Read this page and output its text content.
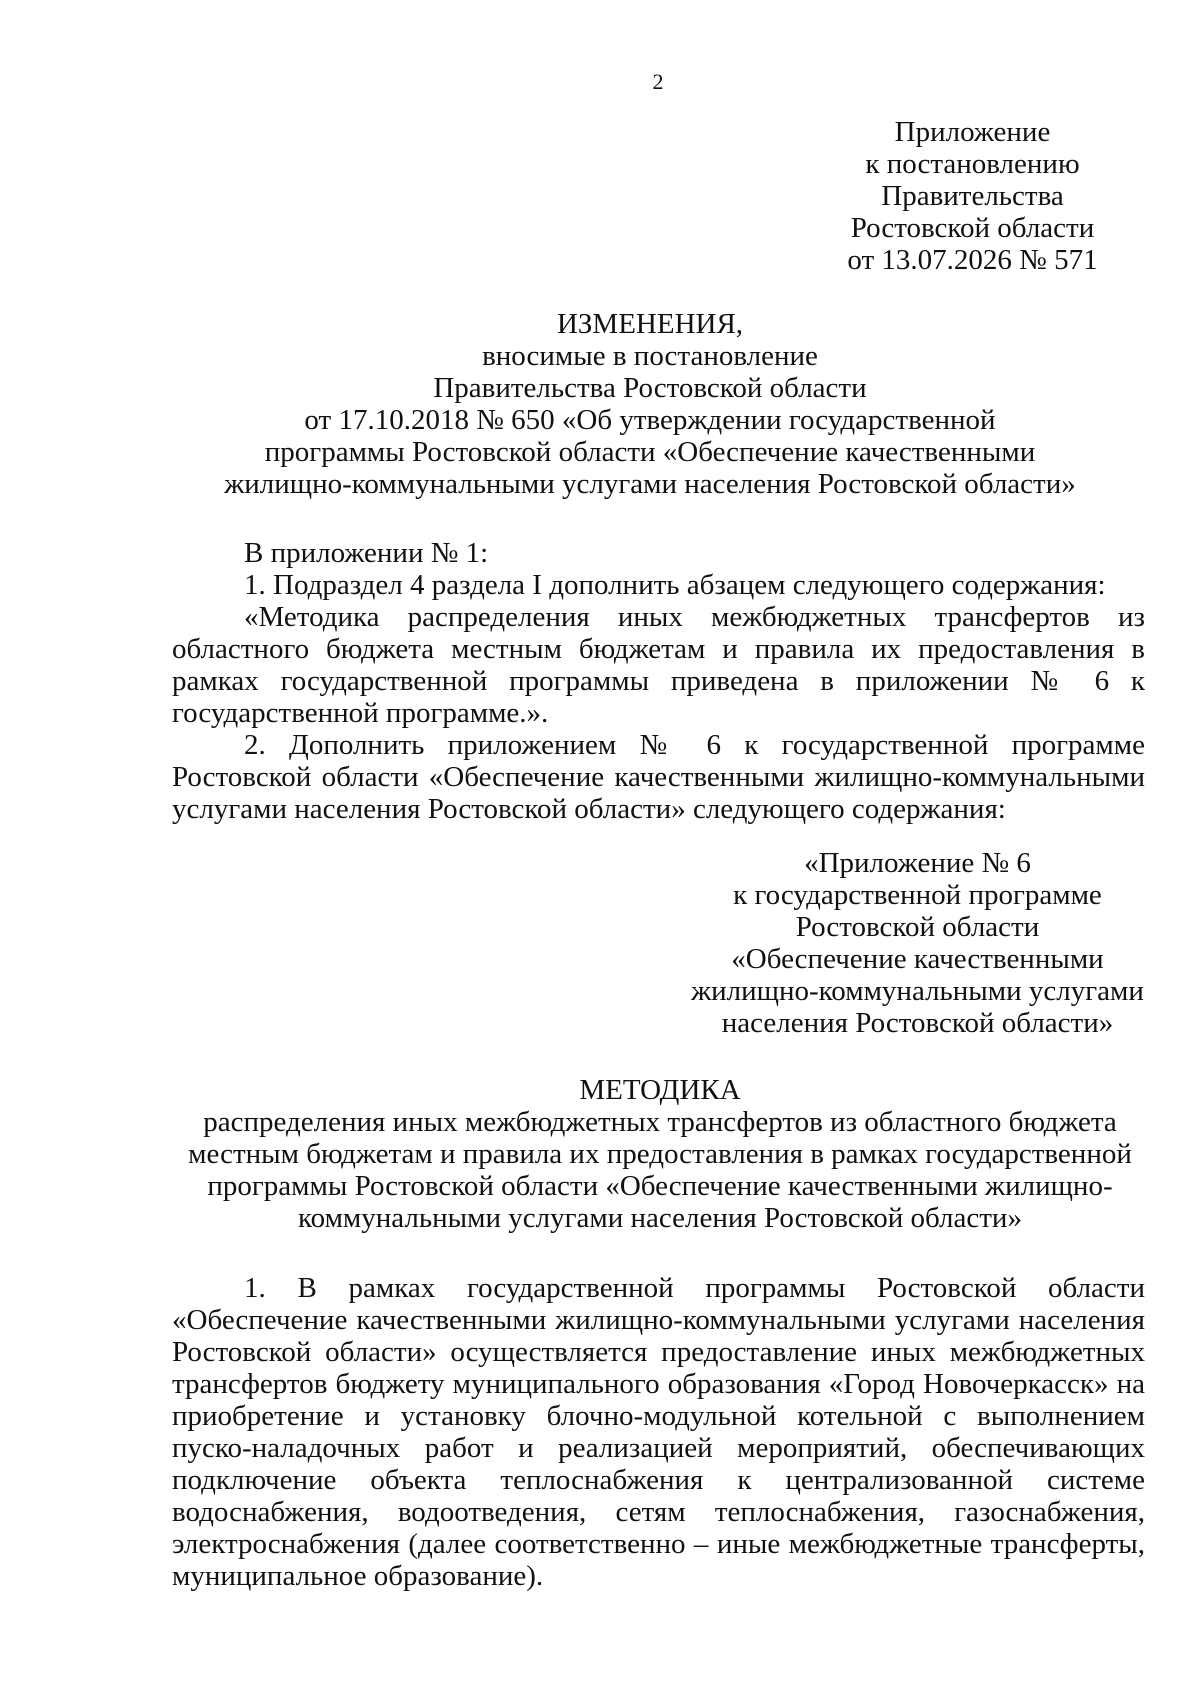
2
Приложение
к постановлению
Правительства
Ростовской области
от 13.07.2026 № 571
ИЗМЕНЕНИЯ,
вносимые в постановление
Правительства Ростовской области
от 17.10.2018 № 650 «Об утверждении государственной
программы Ростовской области «Обеспечение качественными
жилищно-коммунальными услугами населения Ростовской области»

В приложении № 1:

1. Подраздел 4 раздела I дополнить абзацем следующего содержания:

«Методика распределения иных межбюджетных трансфертов из областного бюджета местным бюджетам и правила их предоставления в рамках государственной программы приведена в приложении № 6 к государственной программе.».

2. Дополнить приложением № 6 к государственной программе Ростовской области «Обеспечение качественными жилищно-коммунальными услугами населения Ростовской области» следующего содержания:

«Приложение № 6
к государственной программе
Ростовской области
«Обеспечение качественными
жилищно-коммунальными услугами
населения Ростовской области»
МЕТОДИКА
распределения иных межбюджетных трансфертов из областного бюджета
местным бюджетам и правила их предоставления в рамках государственной
программы Ростовской области «Обеспечение качественными жилищно-
коммунальными услугами населения Ростовской области»

1. В рамках государственной программы Ростовской области «Обеспечение качественными жилищно-коммунальными услугами населения Ростовской области» осуществляется предоставление иных межбюджетных трансфертов бюджету муниципального образования «Город Новочеркасск» на приобретение и установку блочно-модульной котельной с выполнением пуско-наладочных работ и реализацией мероприятий, обеспечивающих подключение объекта теплоснабжения к централизованной системе водоснабжения, водоотведения, сетям теплоснабжения, газоснабжения, электроснабжения (далее соответственно – иные межбюджетные трансферты, муниципальное образование).
